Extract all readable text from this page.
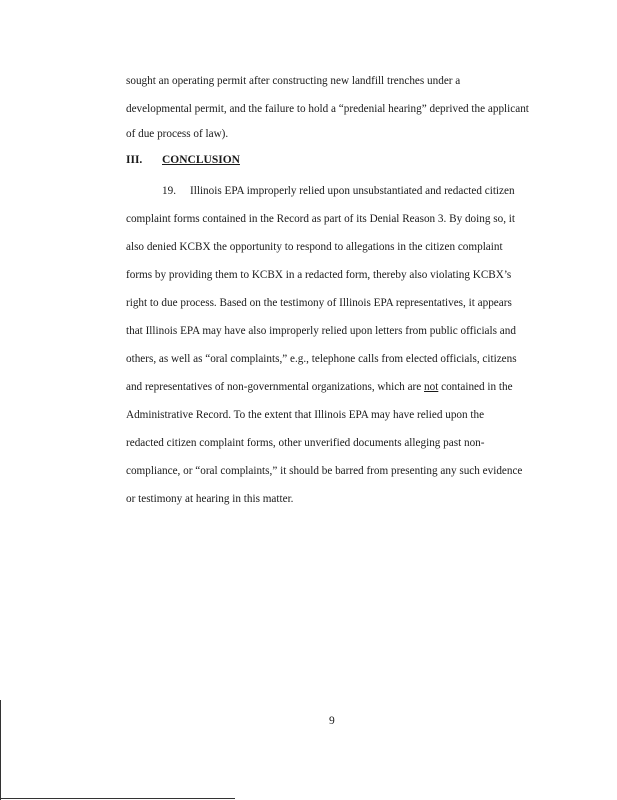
sought an operating permit after constructing new landfill trenches under a

developmental permit, and the failure to hold a “predenial hearing” deprived the applicant

of due process of law).

III. CONCLUSION

19. Illinois EPA improperly relied upon unsubstantiated and redacted citizen

complaint forms contained in the Record as part of its Denial Reason 3. By doing so, it

also denied KCBX the opportunity to respond to allegations in the citizen complaint

forms by providing them to KCBX in a redacted form, thereby also violating KCBX’s

right to due process. Based on the testimony of Illinois EPA representatives, it appears

that Illinois EPA may have also improperly relied upon letters from public officials and

others, as well as “oral complaints,” e.g., telephone calls from elected officials, citizens

and representatives of non-governmental organizations, which are not contained in the

Administrative Record. To the extent that Illinois EPA may have relied upon the

redacted citizen complaint forms, other unverified documents alleging past non-

compliance, or “oral complaints,” it should be barred from presenting any such evidence

or testimony at hearing in this matter.

9
